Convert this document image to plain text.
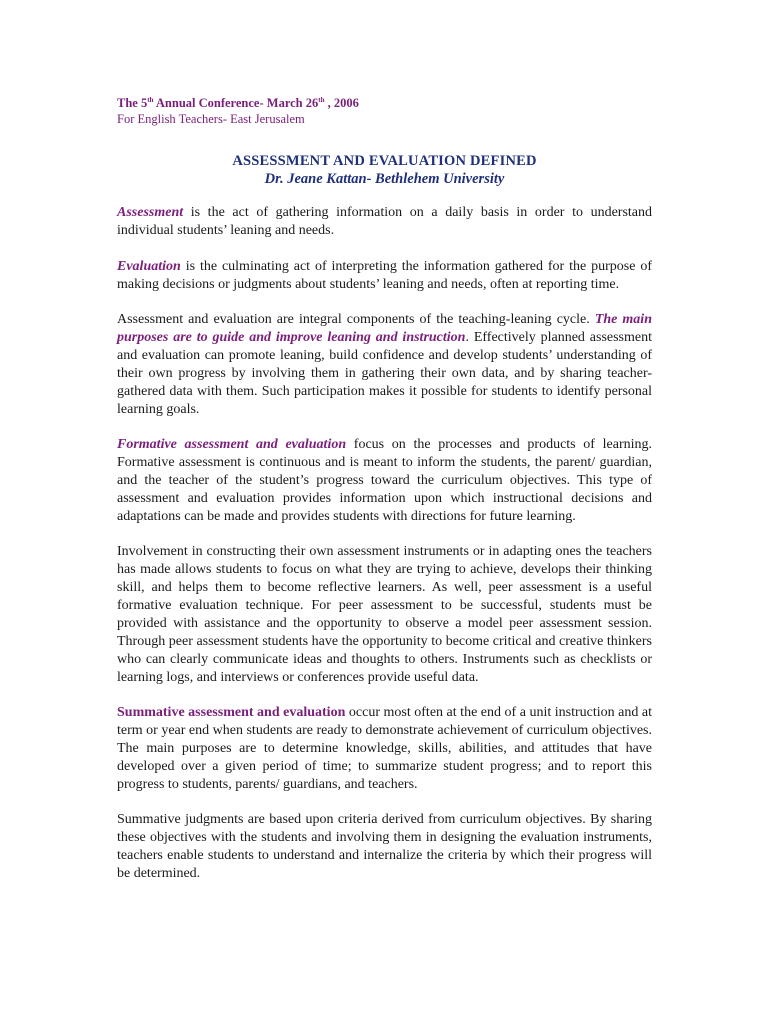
The 5th Annual Conference- March 26th , 2006

For English Teachers- East Jerusalem

ASSESSMENT AND EVALUATION DEFINED

Dr. Jeane Kattan- Bethlehem University

Assessment is the act of gathering information on a daily basis in order to understand individual students’ leaning and needs.

Evaluation is the culminating act of interpreting the information gathered for the purpose of making decisions or judgments about students’ leaning and needs, often at reporting time.

Assessment and evaluation are integral components of the teaching-leaning cycle. The main purposes are to guide and improve leaning and instruction. Effectively planned assessment and evaluation can promote leaning, build confidence and develop students’ understanding of their own progress by involving them in gathering their own data, and by sharing teacher-gathered data with them. Such participation makes it possible for students to identify personal learning goals.

Formative assessment and evaluation focus on the processes and products of learning. Formative assessment is continuous and is meant to inform the students, the parent/ guardian, and the teacher of the student’s progress toward the curriculum objectives. This type of assessment and evaluation provides information upon which instructional decisions and adaptations can be made and provides students with directions for future learning.

Involvement in constructing their own assessment instruments or in adapting ones the teachers has made allows students to focus on what they are trying to achieve, develops their thinking skill, and helps them to become reflective learners. As well, peer assessment is a useful formative evaluation technique. For peer assessment to be successful, students must be provided with assistance and the opportunity to observe a model peer assessment session. Through peer assessment students have the opportunity to become critical and creative thinkers who can clearly communicate ideas and thoughts to others. Instruments such as checklists or learning logs, and interviews or conferences provide useful data.

Summative assessment and evaluation occur most often at the end of a unit instruction and at term or year end when students are ready to demonstrate achievement of curriculum objectives. The main purposes are to determine knowledge, skills, abilities, and attitudes that have developed over a given period of time; to summarize student progress; and to report this progress to students, parents/ guardians, and teachers.

Summative judgments are based upon criteria derived from curriculum objectives. By sharing these objectives with the students and involving them in designing the evaluation instruments, teachers enable students to understand and internalize the criteria by which their progress will be determined.
